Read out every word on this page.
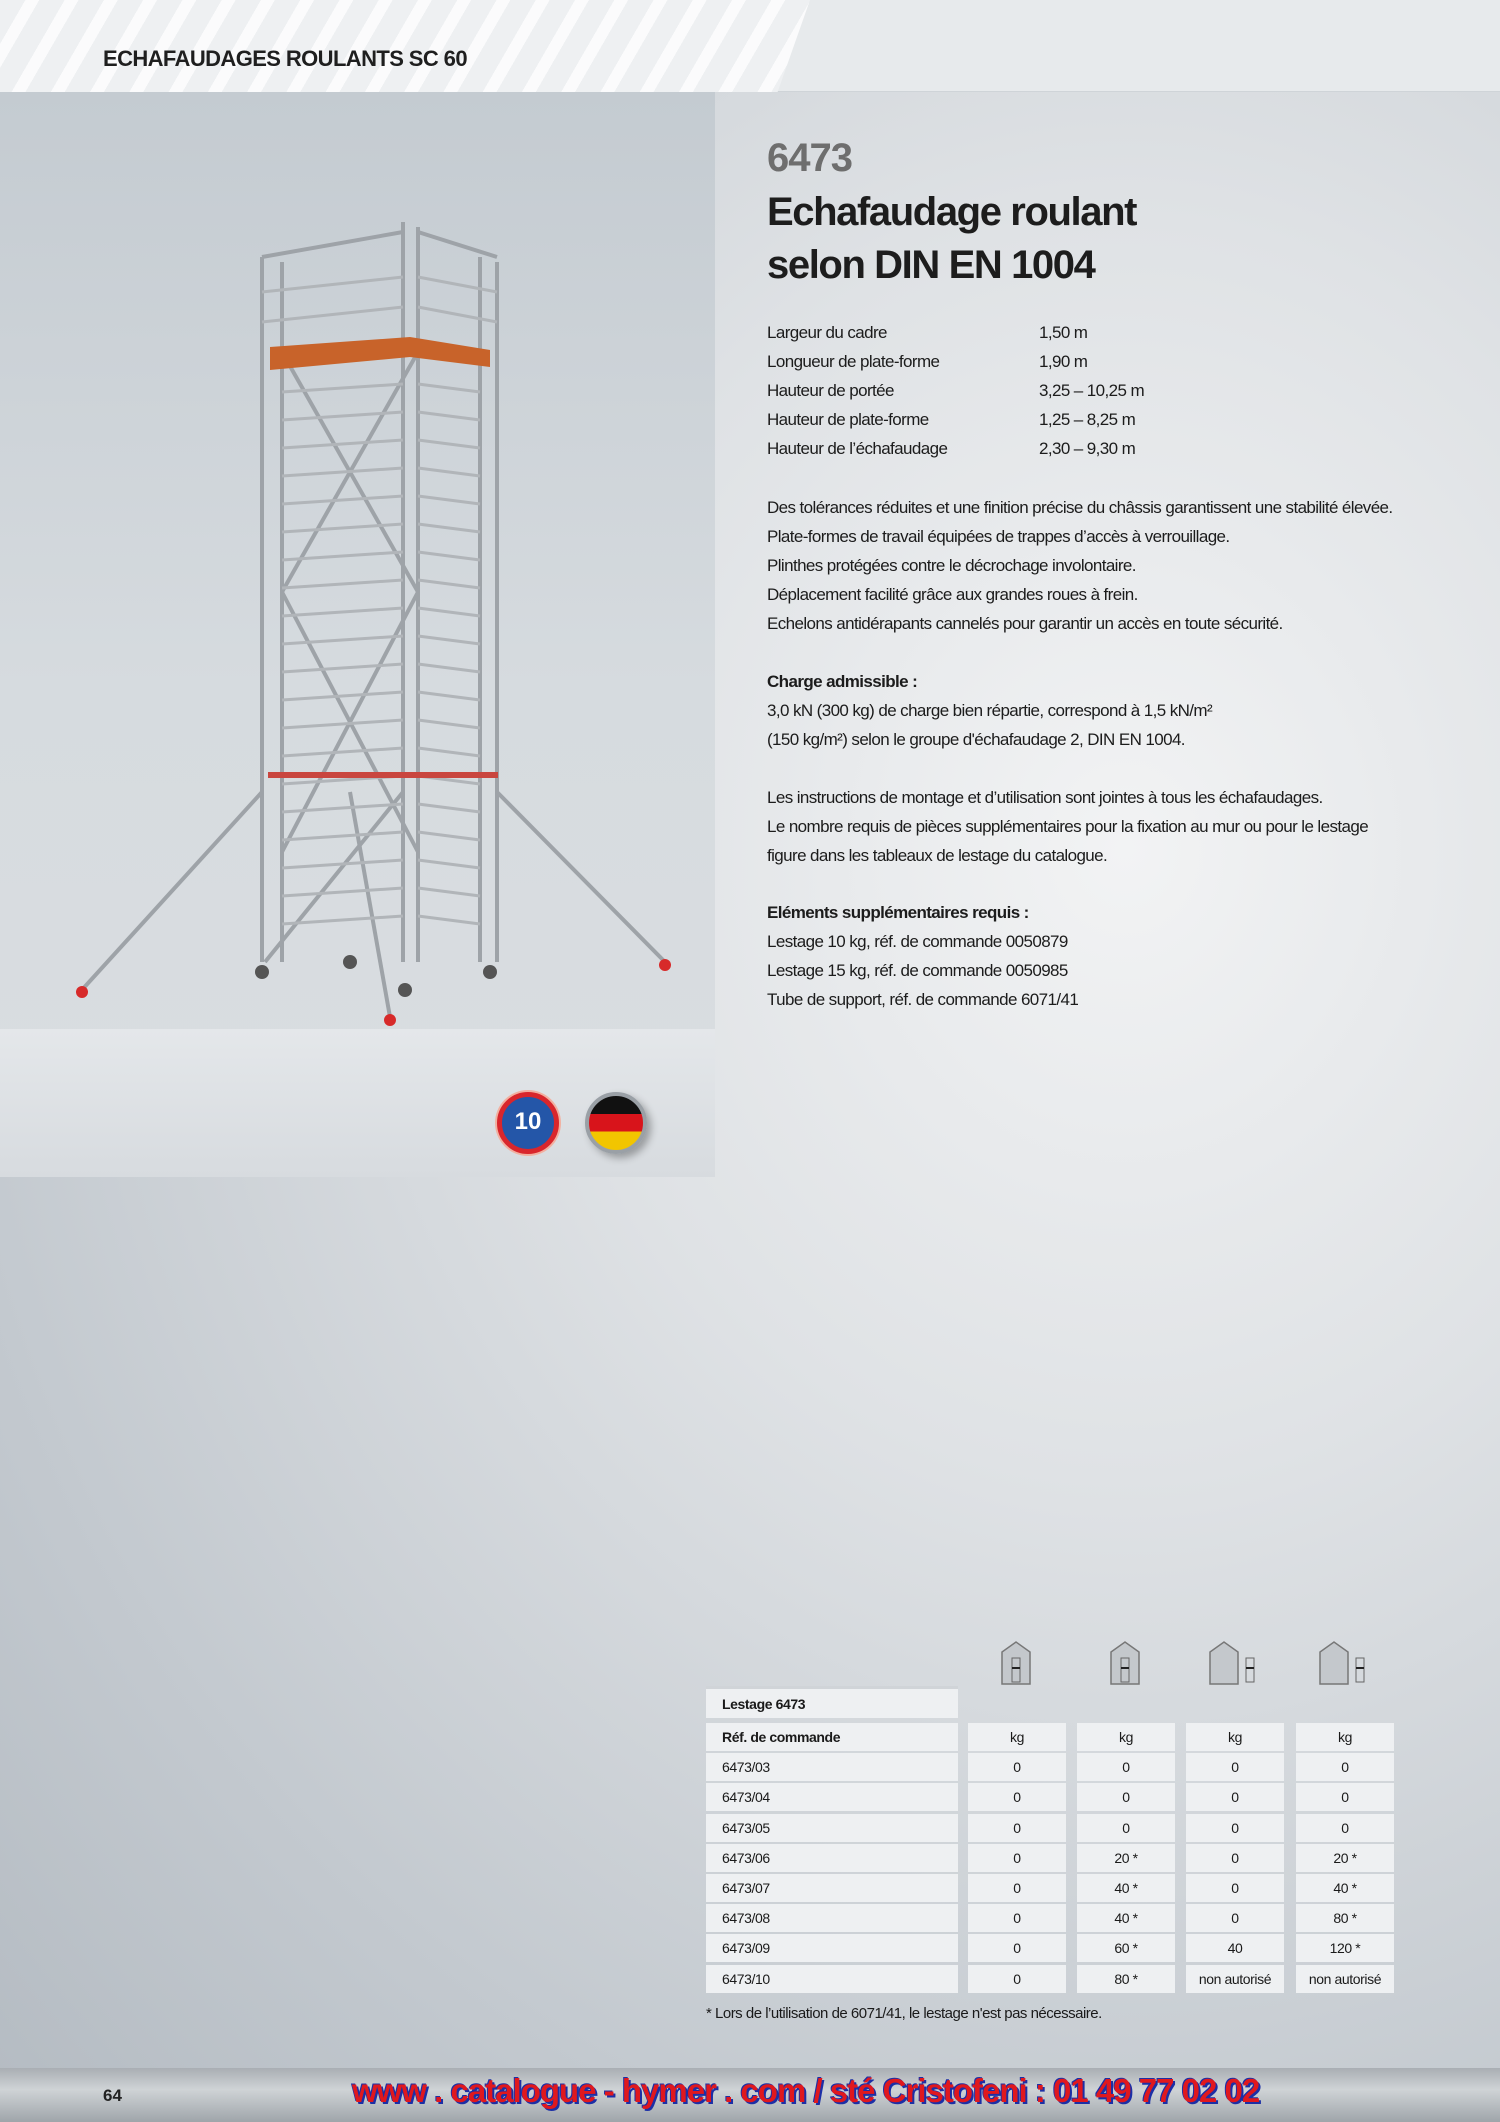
ECHAFAUDAGES ROULANTS SC 60
10
6473
Echafaudage roulant
selon DIN EN 1004
Largeur du cadre	1,50 m
Longueur de plate-forme	1,90 m
Hauteur de portée	3,25 – 10,25 m
Hauteur de plate-forme	1,25 – 8,25 m
Hauteur de l’échafaudage	2,30 – 9,30 m
Des tolérances réduites et une finition précise du châssis garantissent une stabilité élevée.
Plate-formes de travail équipées de trappes d’accès à verrouillage.
Plinthes protégées contre le décrochage involontaire.
Déplacement facilité grâce aux grandes roues à frein.
Echelons antidérapants cannelés pour garantir un accès en toute sécurité.
Charge admissible :
3,0 kN (300 kg) de charge bien répartie, correspond à 1,5 kN/m²
(150 kg/m²) selon le groupe d'échafaudage 2, DIN EN 1004.
Les instructions de montage et d’utilisation sont jointes à tous les échafaudages.
Le nombre requis de pièces supplémentaires pour la fixation au mur ou pour le lestage
figure dans les tableaux de lestage du catalogue.
Eléments supplémentaires requis :
Lestage 10 kg, réf. de commande 0050879
Lestage 15 kg, réf. de commande 0050985
Tube de support, réf. de commande 6071/41
Lestage 6473
Réf. de commande	kg	kg	kg	kg
6473/03	0	0	0	0
6473/04	0	0	0	0
6473/05	0	0	0	0
6473/06	0	20 *	0	20 *
6473/07	0	40 *	0	40 *
6473/08	0	40 *	0	80 *
6473/09	0	60 *	40	120 *
6473/10	0	80 *	non autorisé	non autorisé
* Lors de l’utilisation de 6071/41, le lestage n'est pas nécessaire.
64	www . catalogue - hymer . com / sté Cristofeni : 01 49 77 02 02
